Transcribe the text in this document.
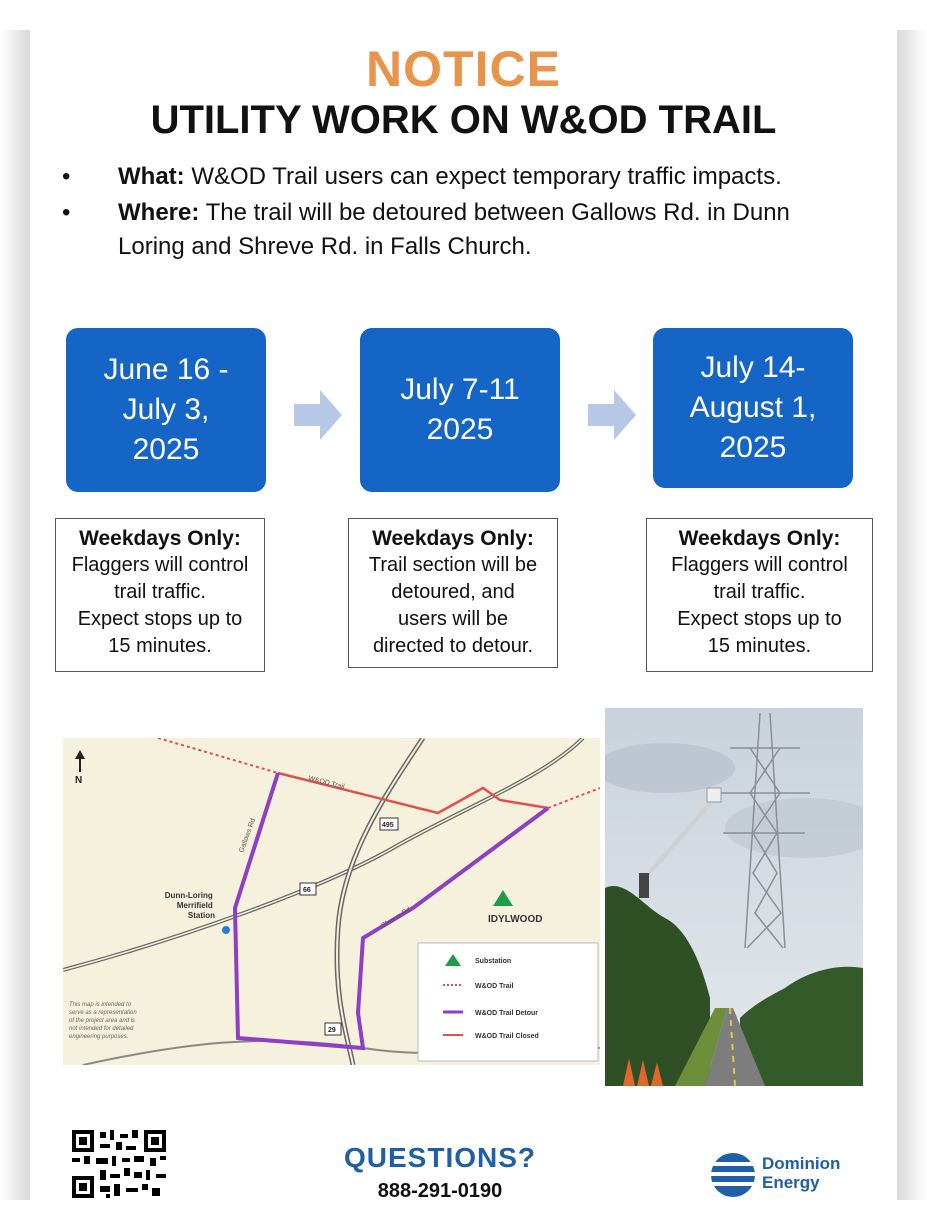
NOTICE
UTILITY WORK ON W&OD TRAIL
• What: W&OD Trail users can expect temporary traffic impacts.
• Where: The trail will be detoured between Gallows Rd. in Dunn Loring and Shreve Rd. in Falls Church.
June 16 -
July 3,
2025
July 7-11
2025
July 14-
August 1,
2025
Weekdays Only:
Flaggers will control
trail traffic.
Expect stops up to
15 minutes.
Weekdays Only:
Trail section will be
detoured, and
users will be
directed to detour.
Weekdays Only:
Flaggers will control
trail traffic.
Expect stops up to
15 minutes.
N
Dunn-Loring Merrifield Station	IDYLWOOD
Gallows Rd
W&OD Trail
Shreve Rd
495
66
29
This map is intended to serve as a representation of the project area and is not intended for detailed engineering purposes.
Substation
W&OD Trail
W&OD Trail Detour
W&OD Trail Closed
QUESTIONS?
888-291-0190
Dominion
Energy
